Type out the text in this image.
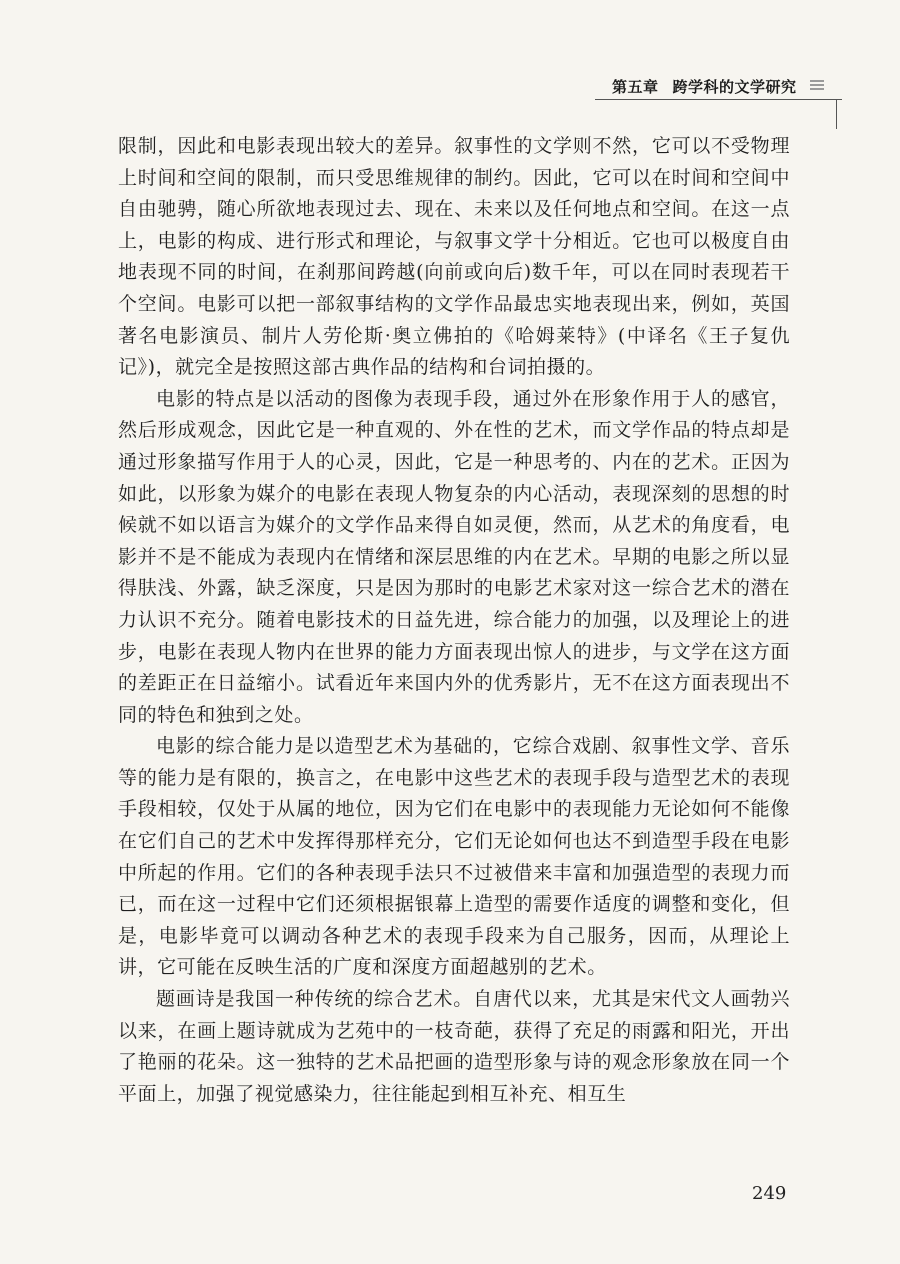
第五章 跨学科的文学研究

限制，因此和电影表现出较大的差异。叙事性的文学则不然，它可以不受物理上时间和空间的限制，而只受思维规律的制约。因此，它可以在时间和空间中自由驰骋，随心所欲地表现过去、现在、未来以及任何地点和空间。在这一点上，电影的构成、进行形式和理论，与叙事文学十分相近。它也可以极度自由地表现不同的时间，在刹那间跨越(向前或向后)数千年，可以在同时表现若干个空间。电影可以把一部叙事结构的文学作品最忠实地表现出来，例如，英国著名电影演员、制片人劳伦斯·奥立佛拍的《哈姆莱特》(中译名《王子复仇记》)，就完全是按照这部古典作品的结构和台词拍摄的。

电影的特点是以活动的图像为表现手段，通过外在形象作用于人的感官，然后形成观念，因此它是一种直观的、外在性的艺术，而文学作品的特点却是通过形象描写作用于人的心灵，因此，它是一种思考的、内在的艺术。正因为如此，以形象为媒介的电影在表现人物复杂的内心活动，表现深刻的思想的时候就不如以语言为媒介的文学作品来得自如灵便，然而，从艺术的角度看，电影并不是不能成为表现内在情绪和深层思维的内在艺术。早期的电影之所以显得肤浅、外露，缺乏深度，只是因为那时的电影艺术家对这一综合艺术的潜在力认识不充分。随着电影技术的日益先进，综合能力的加强，以及理论上的进步，电影在表现人物内在世界的能力方面表现出惊人的进步，与文学在这方面的差距正在日益缩小。试看近年来国内外的优秀影片，无不在这方面表现出不同的特色和独到之处。

电影的综合能力是以造型艺术为基础的，它综合戏剧、叙事性文学、音乐等的能力是有限的，换言之，在电影中这些艺术的表现手段与造型艺术的表现手段相较，仅处于从属的地位，因为它们在电影中的表现能力无论如何不能像在它们自己的艺术中发挥得那样充分，它们无论如何也达不到造型手段在电影中所起的作用。它们的各种表现手法只不过被借来丰富和加强造型的表现力而已，而在这一过程中它们还须根据银幕上造型的需要作适度的调整和变化，但是，电影毕竟可以调动各种艺术的表现手段来为自己服务，因而，从理论上讲，它可能在反映生活的广度和深度方面超越别的艺术。

题画诗是我国一种传统的综合艺术。自唐代以来，尤其是宋代文人画勃兴以来，在画上题诗就成为艺苑中的一枝奇葩，获得了充足的雨露和阳光，开出了艳丽的花朵。这一独特的艺术品把画的造型形象与诗的观念形象放在同一个平面上，加强了视觉感染力，往往能起到相互补充、相互生

249
